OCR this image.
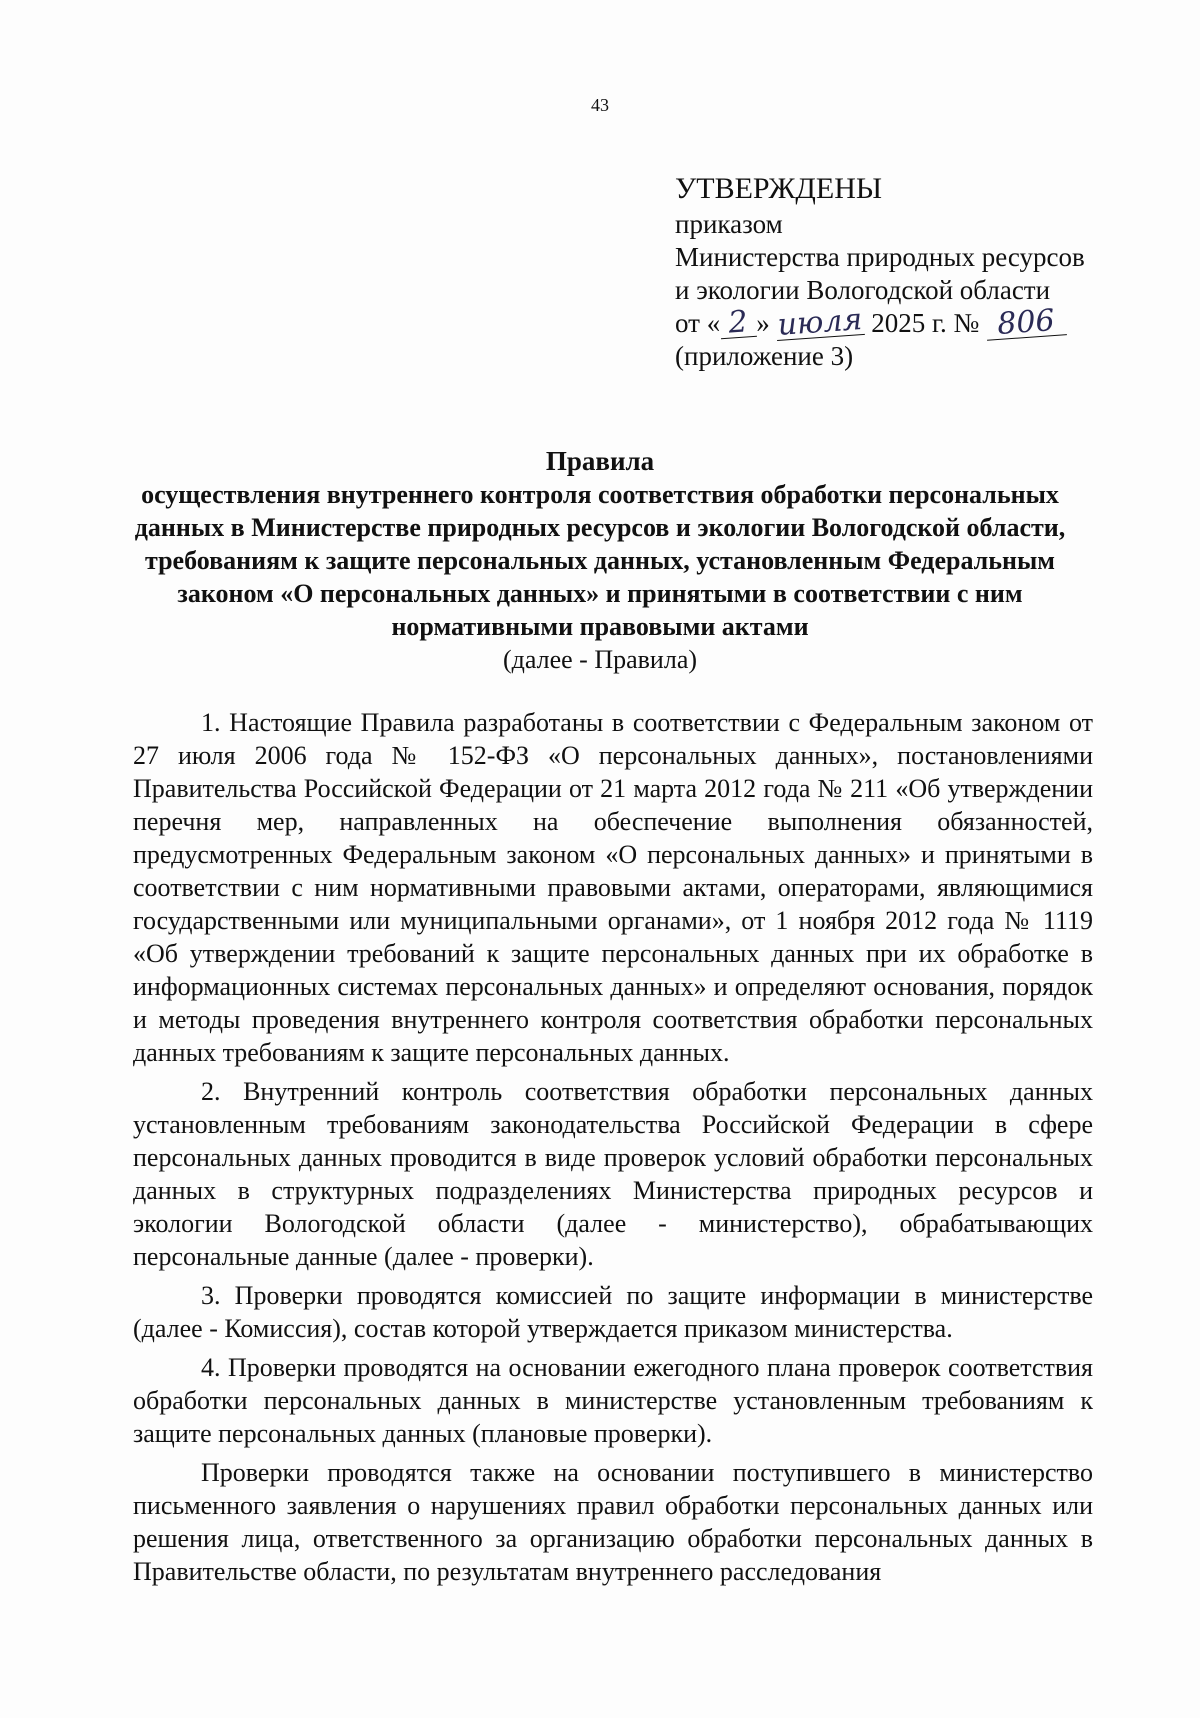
43
УТВЕРЖДЕНЫ
приказом
Министерства природных ресурсов
и экологии Вологодской области
от « 2 » июля 2025 г. № 806
(приложение 3)
Правила
осуществления внутреннего контроля соответствия обработки персональных данных в Министерстве природных ресурсов и экологии Вологодской области, требованиям к защите персональных данных, установленным Федеральным законом «О персональных данных» и принятыми в соответствии с ним нормативными правовыми актами
(далее - Правила)

1. Настоящие Правила разработаны в соответствии с Федеральным законом от 27 июля 2006 года № 152-ФЗ «О персональных данных», постановлениями Правительства Российской Федерации от 21 марта 2012 года № 211 «Об утверждении перечня мер, направленных на обеспечение выполнения обязанностей, предусмотренных Федеральным законом «О персональных данных» и принятыми в соответствии с ним нормативными правовыми актами, операторами, являющимися государственными или муниципальными органами», от 1 ноября 2012 года № 1119 «Об утверждении требований к защите персональных данных при их обработке в информационных системах персональных данных» и определяют основания, порядок и методы проведения внутреннего контроля соответствия обработки персональных данных требованиям к защите персональных данных.

2. Внутренний контроль соответствия обработки персональных данных установленным требованиям законодательства Российской Федерации в сфере персональных данных проводится в виде проверок условий обработки персональных данных в структурных подразделениях Министерства природных ресурсов и экологии Вологодской области (далее - министерство), обрабатывающих персональные данные (далее - проверки).

3. Проверки проводятся комиссией по защите информации в министерстве (далее - Комиссия), состав которой утверждается приказом министерства.

4. Проверки проводятся на основании ежегодного плана проверок соответствия обработки персональных данных в министерстве установленным требованиям к защите персональных данных (плановые проверки).

Проверки проводятся также на основании поступившего в министерство письменного заявления о нарушениях правил обработки персональных данных или решения лица, ответственного за организацию обработки персональных данных в Правительстве области, по результатам внутреннего расследования
